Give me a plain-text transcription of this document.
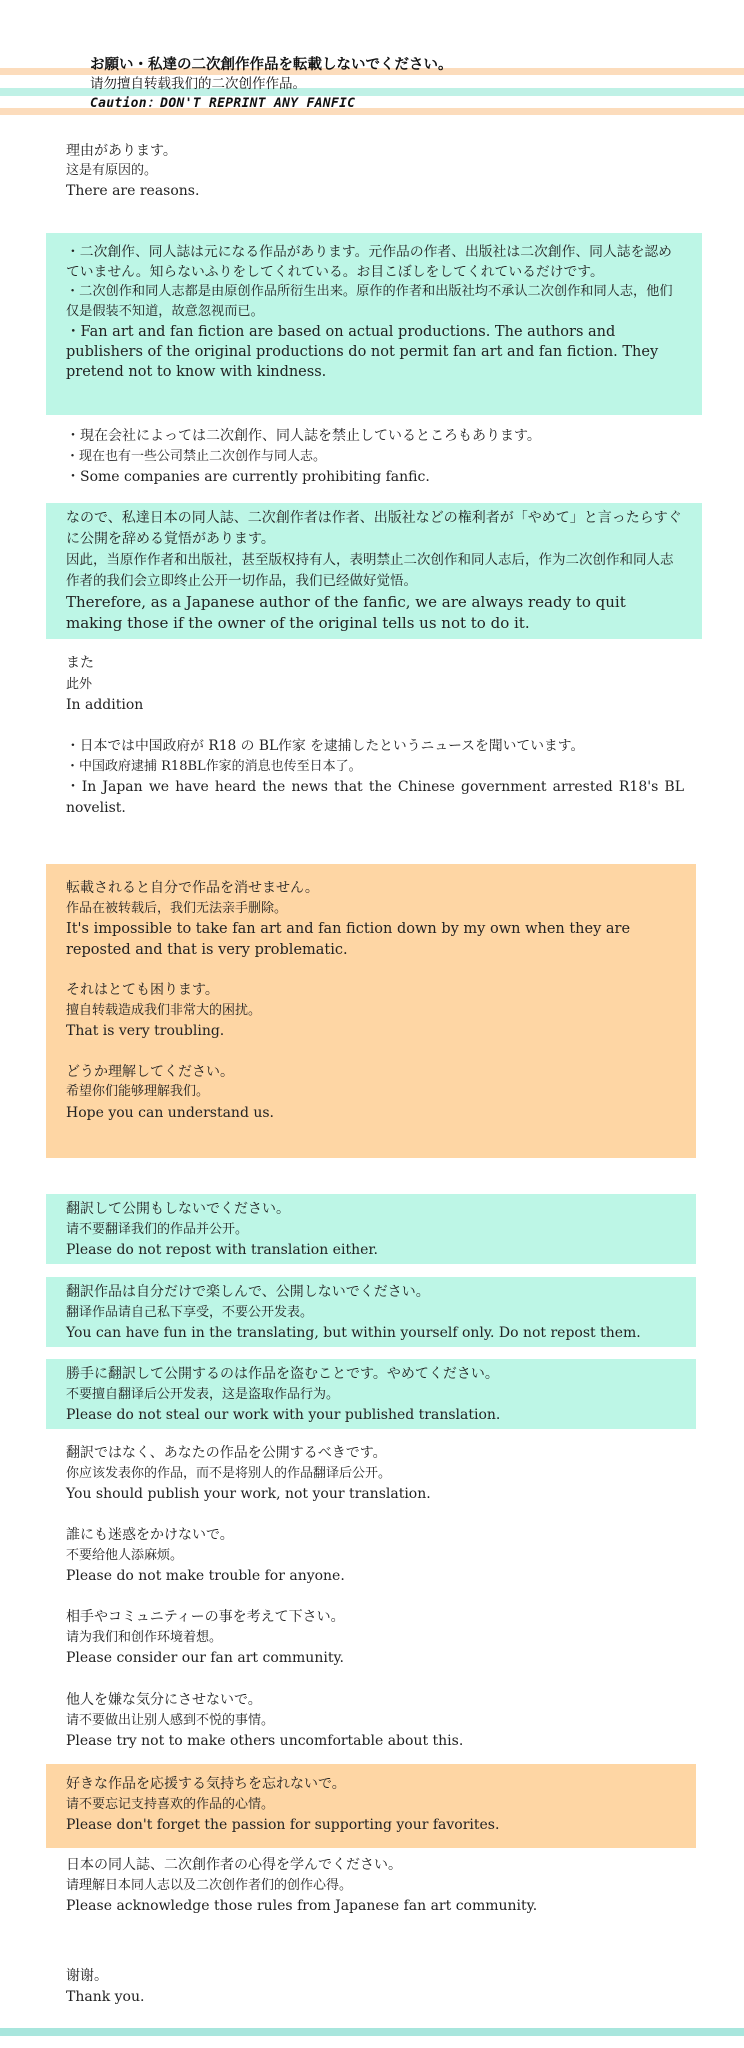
お願い・私達の二次創作作品を転載しないでください。
请勿擅自转载我们的二次创作作品。
Caution：DON'T REPRINT ANY FANFIC
理由があります。
这是有原因的。
There are reasons.
・二次創作、同人誌は元になる作品があります。元作品の作者、出版社は二次創作、同人誌を認めていません。知らないふりをしてくれている。お目こぼしをしてくれているだけです。
・二次创作和同人志都是由原创作品所衍生出来。原作的作者和出版社均不承认二次创作和同人志，他们仅是假装不知道，故意忽视而已。
・Fan art and fan fiction are based on actual productions. The authors and publishers of the original productions do not permit fan art and fan fiction. They pretend not to know with kindness.
・現在会社によっては二次創作、同人誌を禁止しているところもあります。
・现在也有一些公司禁止二次创作与同人志。
・Some companies are currently prohibiting fanfic.
なので、私達日本の同人誌、二次創作者は作者、出版社などの権利者が「やめて」と言ったらすぐに公開を辞める覚悟があります。
因此，当原作作者和出版社，甚至版权持有人，表明禁止二次创作和同人志后，作为二次创作和同人志作者的我们会立即终止公开一切作品，我们已经做好觉悟。
Therefore, as a Japanese author of the fanfic, we are always ready to quit making those if the owner of the original tells us not to do it.
また
此外
In addition
・日本では中国政府が R18 の BL作家 を逮捕したというニュースを聞いています。
・中国政府逮捕 R18BL作家的消息也传至日本了。
・In Japan we have heard the news that the Chinese government arrested R18's BL novelist.
転載されると自分で作品を消せません。
作品在被转载后，我们无法亲手删除。
It's impossible to take fan art and fan fiction down by my own when they are reposted and that is very problematic.
それはとても困ります。
擅自转载造成我们非常大的困扰。
That is very troubling.
どうか理解してください。
希望你们能够理解我们。
Hope you can understand us.
翻訳して公開もしないでください。
请不要翻译我们的作品并公开。
Please do not repost with translation either.
翻訳作品は自分だけで楽しんで、公開しないでください。
翻译作品请自己私下享受，不要公开发表。
You can have fun in the translating, but within yourself only. Do not repost them.
勝手に翻訳して公開するのは作品を盗むことです。やめてください。
不要擅自翻译后公开发表，这是盗取作品行为。
Please do not steal our work with your published translation.
翻訳ではなく、あなたの作品を公開するべきです。
你应该发表你的作品，而不是将别人的作品翻译后公开。
You should publish your work, not your translation.
誰にも迷惑をかけないで。
不要给他人添麻烦。
Please do not make trouble for anyone.
相手やコミュニティーの事を考えて下さい。
请为我们和创作环境着想。
Please consider our fan art community.
他人を嫌な気分にさせないで。
请不要做出让别人感到不悦的事情。
Please try not to make others uncomfortable about this.
好きな作品を応援する気持ちを忘れないで。
请不要忘记支持喜欢的作品的心情。
Please don't forget the passion for supporting your favorites.
日本の同人誌、二次創作者の心得を学んでください。
请理解日本同人志以及二次创作者们的创作心得。
Please acknowledge those rules from Japanese fan art community.
谢谢。
Thank you.
